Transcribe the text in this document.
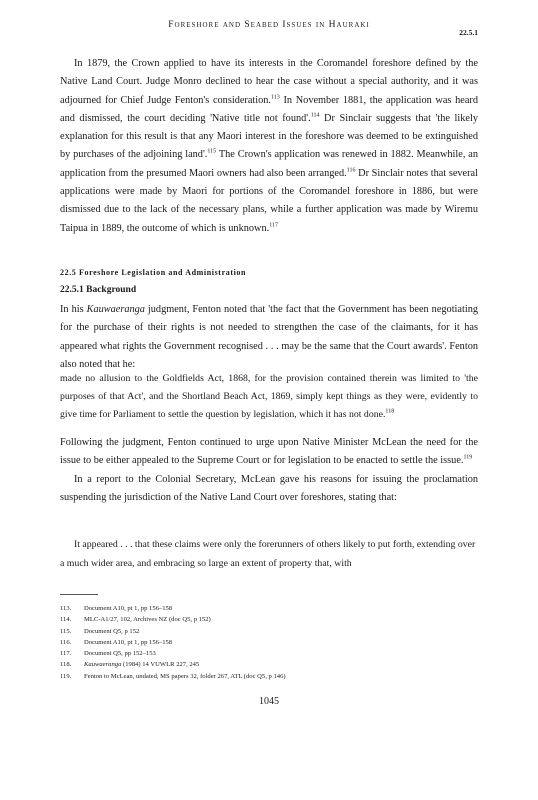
Foreshore and Seabed Issues in Hauraki
22.5.1

In 1879, the Crown applied to have its interests in the Coromandel foreshore defined by the Native Land Court. Judge Monro declined to hear the case without a special authority, and it was adjourned for Chief Judge Fenton's consideration.$^{113}$ In November 1881, the application was heard and dismissed, the court deciding 'Native title not found'.$^{114}$ Dr Sinclair suggests that 'the likely explanation for this result is that any Maori interest in the foreshore was deemed to be extinguished by purchases of the adjoining land'.$^{115}$ The Crown's application was renewed in 1882. Meanwhile, an application from the presumed Maori owners had also been arranged.$^{116}$ Dr Sinclair notes that several applications were made by Maori for portions of the Coromandel foreshore in 1886, but were dismissed due to the lack of the necessary plans, while a further application was made by Wiremu Taipua in 1889, the outcome of which is unknown.$^{117}$

22.5 Foreshore Legislation and Administration
22.5.1 Background

In his Kauwaeranga judgment, Fenton noted that 'the fact that the Government has been negotiating for the purchase of their rights is not needed to strengthen the case of the claimants, for it has appeared what rights the Government recognised . . . may be the same that the Court awards'. Fenton also noted that he:

made no allusion to the Goldfields Act, 1868, for the provision contained therein was limited to 'the purposes of that Act', and the Shortland Beach Act, 1869, simply kept things as they were, evidently to give time for Parliament to settle the question by legislation, which it has not done.$^{118}$

Following the judgment, Fenton continued to urge upon Native Minister McLean the need for the issue to be either appealed to the Supreme Court or for legislation to be enacted to settle the issue.$^{119}$

In a report to the Colonial Secretary, McLean gave his reasons for issuing the proclamation suspending the jurisdiction of the Native Land Court over foreshores, stating that:

It appeared . . . that these claims were only the forerunners of others likely to put forth, extending over a much wider area, and embracing so large an extent of property that, with

113.	Document A10, pt 1, pp 156–158
114.	MLC-A1/27, 102, Archives NZ (doc Q5, p 152)
115.	Document Q5, p 152
116.	Document A10, pt 1, pp 156–158
117.	Document Q5, pp 152–153
118.	Kauwaeranga (1984) 14 VUWLR 227, 245
119.	Fenton to McLean, undated, MS papers 32, folder 267, ATL (doc Q5, p 146)
1045
